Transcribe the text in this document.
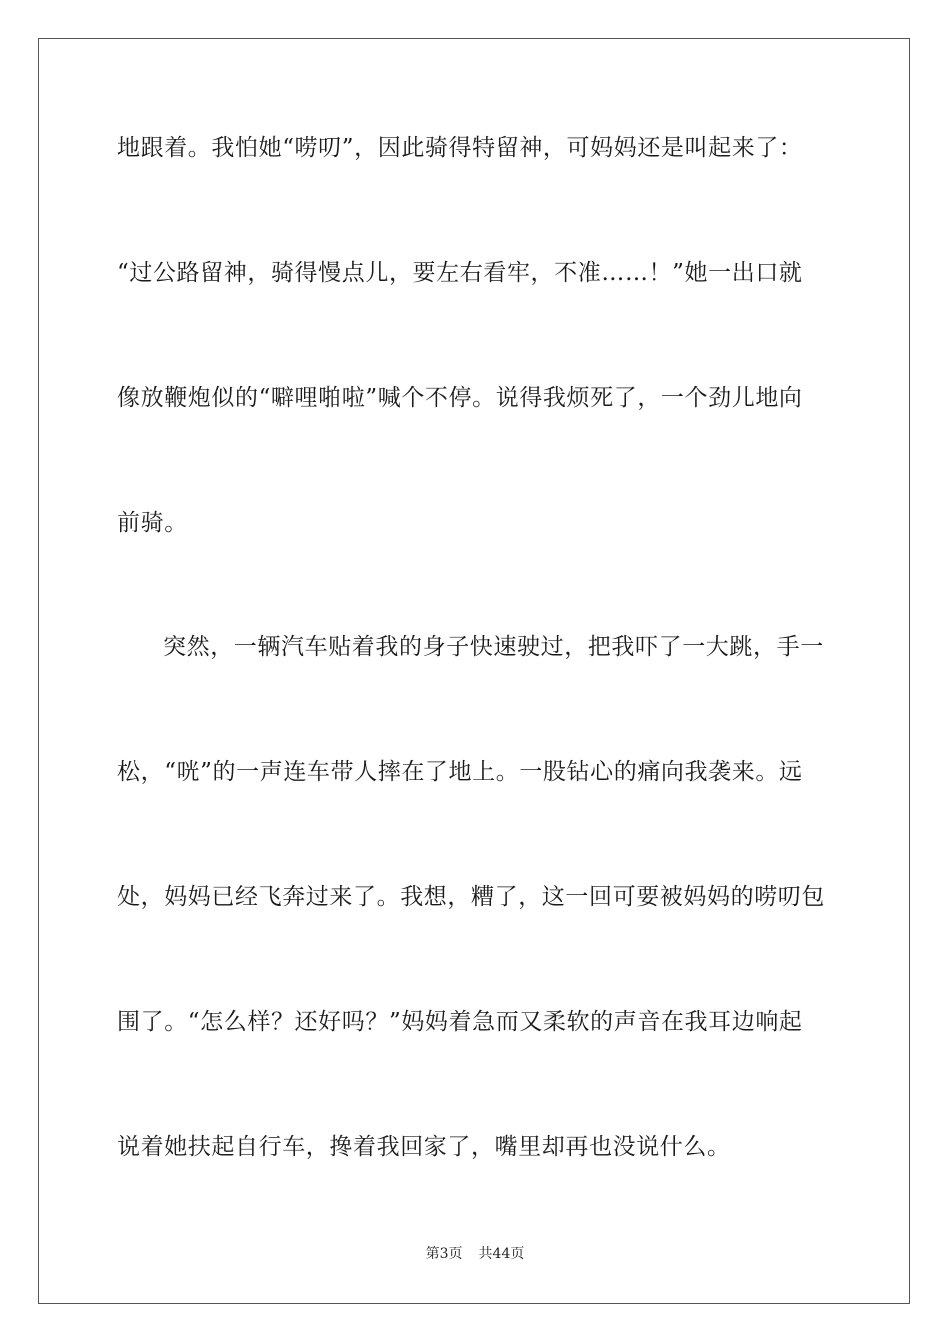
地跟着。我怕她“唠叨”，因此骑得特留神，可妈妈还是叫起来了：
“过公路留神，骑得慢点儿，要左右看牢，不准……！”她一出口就
像放鞭炮似的“噼哩啪啦”喊个不停。说得我烦死了，一个劲儿地向
前骑。
突然，一辆汽车贴着我的身子快速驶过，把我吓了一大跳，手一
松，“咣”的一声连车带人摔在了地上。一股钻心的痛向我袭来。远
处，妈妈已经飞奔过来了。我想，糟了，这一回可要被妈妈的唠叨包
围了。“怎么样？还好吗？”妈妈着急而又柔软的声音在我耳边响起
说着她扶起自行车，搀着我回家了，嘴里却再也没说什么。
第3页 共44页
